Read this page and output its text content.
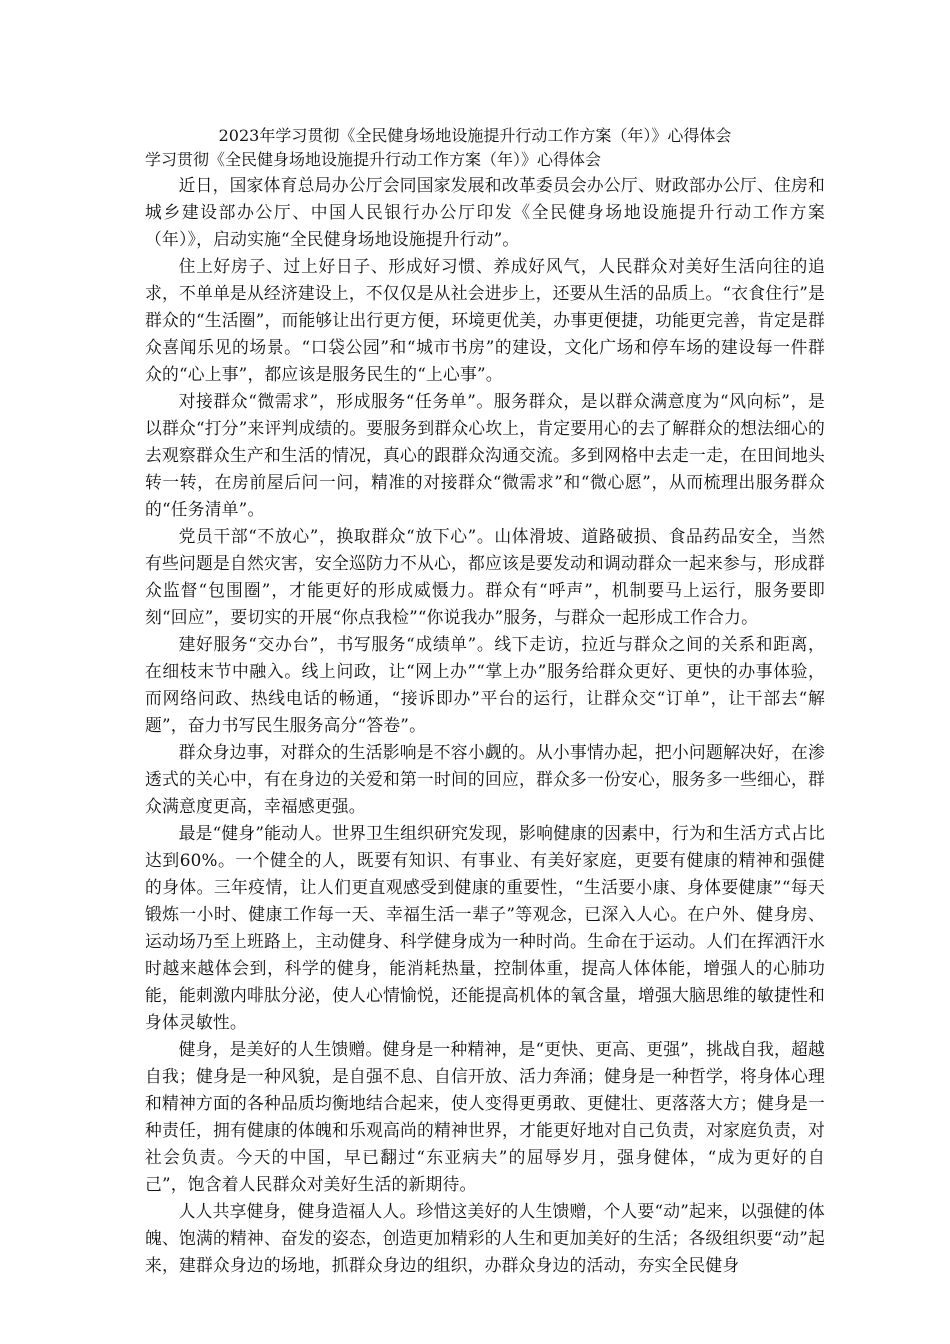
2023年学习贯彻《全民健身场地设施提升行动工作方案（年）》心得体会

学习贯彻《全民健身场地设施提升行动工作方案（年）》心得体会

近日，国家体育总局办公厅会同国家发展和改革委员会办公厅、财政部办公厅、住房和城乡建设部办公厅、中国人民银行办公厅印发《全民健身场地设施提升行动工作方案（年）》，启动实施“全民健身场地设施提升行动”。

住上好房子、过上好日子、形成好习惯、养成好风气，人民群众对美好生活向往的追求，不单单是从经济建设上，不仅仅是从社会进步上，还要从生活的品质上。“衣食住行”是群众的“生活圈”，而能够让出行更方便，环境更优美，办事更便捷，功能更完善，肯定是群众喜闻乐见的场景。“口袋公园”和“城市书房”的建设，文化广场和停车场的建设每一件群众的“心上事”，都应该是服务民生的“上心事”。

对接群众“微需求”，形成服务“任务单”。服务群众，是以群众满意度为“风向标”，是以群众“打分”来评判成绩的。要服务到群众心坎上，肯定要用心的去了解群众的想法细心的去观察群众生产和生活的情况，真心的跟群众沟通交流。多到网格中去走一走，在田间地头转一转，在房前屋后问一问，精准的对接群众“微需求”和“微心愿”，从而梳理出服务群众的“任务清单”。

党员干部“不放心”，换取群众“放下心”。山体滑坡、道路破损、食品药品安全，当然有些问题是自然灾害，安全巡防力不从心，都应该是要发动和调动群众一起来参与，形成群众监督“包围圈”，才能更好的形成威慑力。群众有“呼声”，机制要马上运行，服务要即刻“回应”，要切实的开展“你点我检”“你说我办”服务，与群众一起形成工作合力。

建好服务“交办台”，书写服务“成绩单”。线下走访，拉近与群众之间的关系和距离，在细枝末节中融入。线上问政，让“网上办”“掌上办”服务给群众更好、更快的办事体验，而网络问政、热线电话的畅通，“接诉即办”平台的运行，让群众交“订单”，让干部去“解题”，奋力书写民生服务高分“答卷”。

群众身边事，对群众的生活影响是不容小觑的。从小事情办起，把小问题解决好，在渗透式的关心中，有在身边的关爱和第一时间的回应，群众多一份安心，服务多一些细心，群众满意度更高，幸福感更强。

最是“健身”能动人。世界卫生组织研究发现，影响健康的因素中，行为和生活方式占比达到60%。一个健全的人，既要有知识、有事业、有美好家庭，更要有健康的精神和强健的身体。三年疫情，让人们更直观感受到健康的重要性，“生活要小康、身体要健康”“每天锻炼一小时、健康工作每一天、幸福生活一辈子”等观念，已深入人心。在户外、健身房、运动场乃至上班路上，主动健身、科学健身成为一种时尚。生命在于运动。人们在挥洒汗水时越来越体会到，科学的健身，能消耗热量，控制体重，提高人体体能，增强人的心肺功能，能刺激内啡肽分泌，使人心情愉悦，还能提高机体的氧含量，增强大脑思维的敏捷性和身体灵敏性。

健身，是美好的人生馈赠。健身是一种精神，是“更快、更高、更强”，挑战自我，超越自我；健身是一种风貌，是自强不息、自信开放、活力奔涌；健身是一种哲学，将身体心理和精神方面的各种品质均衡地结合起来，使人变得更勇敢、更健壮、更落落大方；健身是一种责任，拥有健康的体魄和乐观高尚的精神世界，才能更好地对自己负责，对家庭负责，对社会负责。今天的中国，早已翻过“东亚病夫”的屈辱岁月，强身健体，“成为更好的自己”，饱含着人民群众对美好生活的新期待。

人人共享健身，健身造福人人。珍惜这美好的人生馈赠，个人要“动”起来，以强健的体魄、饱满的精神、奋发的姿态，创造更加精彩的人生和更加美好的生活；各级组织要“动”起来，建群众身边的场地，抓群众身边的组织，办群众身边的活动，夯实全民健身
